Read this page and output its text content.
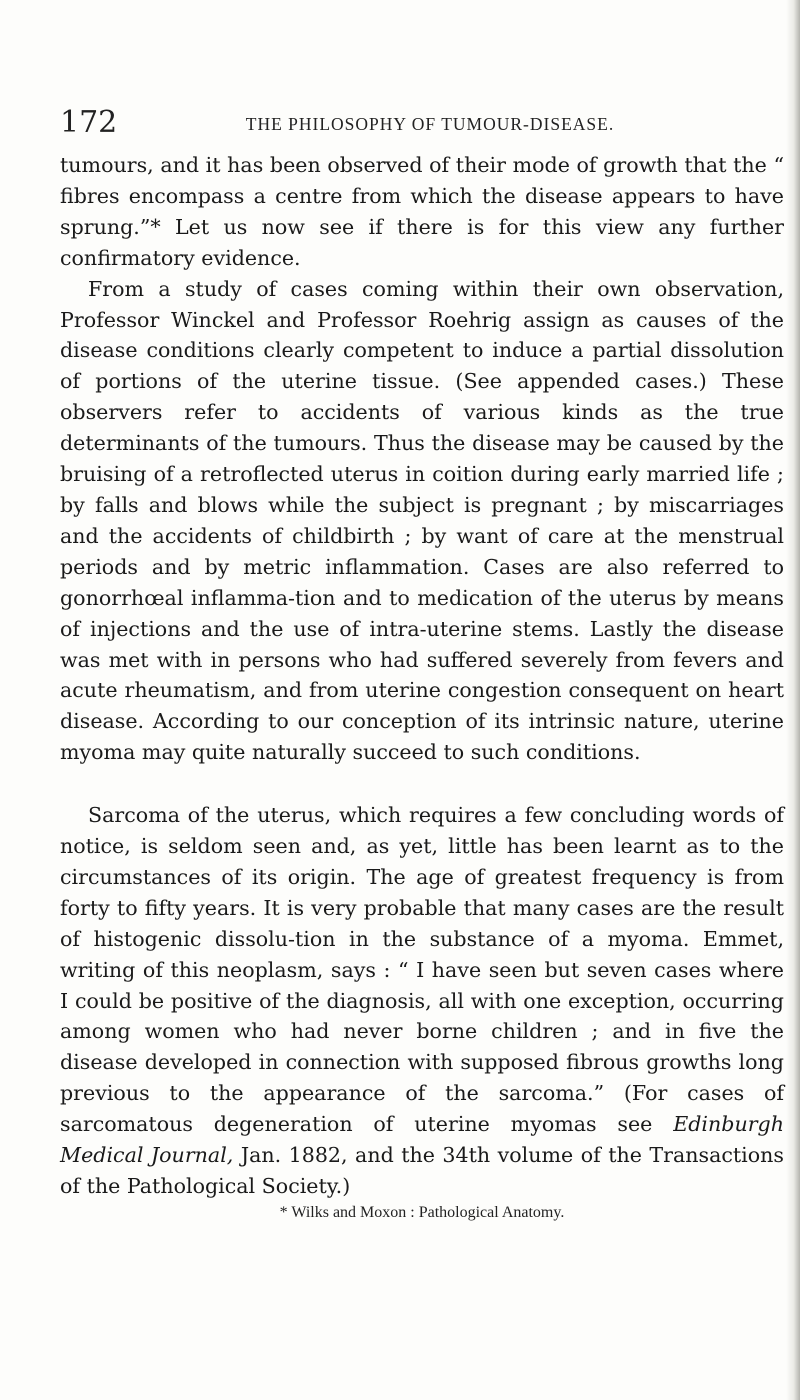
172	THE PHILOSOPHY OF TUMOUR-DISEASE.

tumours, and it has been observed of their mode of growth that the “ fibres encompass a centre from which the disease appears to have sprung.”* Let us now see if there is for this view any further confirmatory evidence.

From a study of cases coming within their own observation, Professor Winckel and Professor Roehrig assign as causes of the disease conditions clearly competent to induce a partial dissolution of portions of the uterine tissue. (See appended cases.) These observers refer to accidents of various kinds as the true determinants of the tumours. Thus the disease may be caused by the bruising of a retroflected uterus in coition during early married life ; by falls and blows while the subject is pregnant ; by miscarriages and the accidents of childbirth ; by want of care at the menstrual periods and by metric inflammation. Cases are also referred to gonorrhœal inflamma-tion and to medication of the uterus by means of injections and the use of intra-uterine stems. Lastly the disease was met with in persons who had suffered severely from fevers and acute rheumatism, and from uterine congestion consequent on heart disease. According to our conception of its intrinsic nature, uterine myoma may quite naturally succeed to such conditions.

Sarcoma of the uterus, which requires a few concluding words of notice, is seldom seen and, as yet, little has been learnt as to the circumstances of its origin. The age of greatest frequency is from forty to fifty years. It is very probable that many cases are the result of histogenic dissolu-tion in the substance of a myoma. Emmet, writing of this neoplasm, says : “ I have seen but seven cases where I could be positive of the diagnosis, all with one exception, occurring among women who had never borne children ; and in five the disease developed in connection with supposed fibrous growths long previous to the appearance of the sarcoma.” (For cases of sarcomatous degeneration of uterine myomas see Edinburgh Medical Journal, Jan. 1882, and the 34th volume of the Transactions of the Pathological Society.)

* Wilks and Moxon : Pathological Anatomy.
